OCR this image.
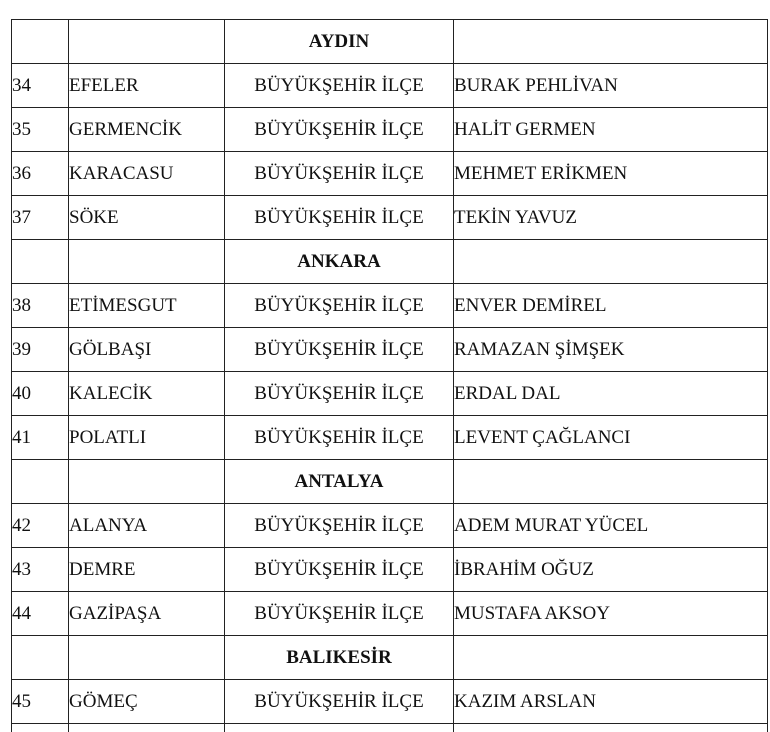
		AYDIN	
34	EFELER	BÜYÜKŞEHİR İLÇE	BURAK PEHLİVAN
35	GERMENCİK	BÜYÜKŞEHİR İLÇE	HALİT GERMEN
36	KARACASU	BÜYÜKŞEHİR İLÇE	MEHMET ERİKMEN
37	SÖKE	BÜYÜKŞEHİR İLÇE	TEKİN YAVUZ
		ANKARA	
38	ETİMESGUT	BÜYÜKŞEHİR İLÇE	ENVER DEMİREL
39	GÖLBAŞI	BÜYÜKŞEHİR İLÇE	RAMAZAN ŞİMŞEK
40	KALECİK	BÜYÜKŞEHİR İLÇE	ERDAL DAL
41	POLATLI	BÜYÜKŞEHİR İLÇE	LEVENT ÇAĞLANCI
		ANTALYA	
42	ALANYA	BÜYÜKŞEHİR İLÇE	ADEM MURAT YÜCEL
43	DEMRE	BÜYÜKŞEHİR İLÇE	İBRAHİM OĞUZ
44	GAZİPAŞA	BÜYÜKŞEHİR İLÇE	MUSTAFA AKSOY
		BALIKESİR	
45	GÖMEÇ	BÜYÜKŞEHİR İLÇE	KAZIM ARSLAN
